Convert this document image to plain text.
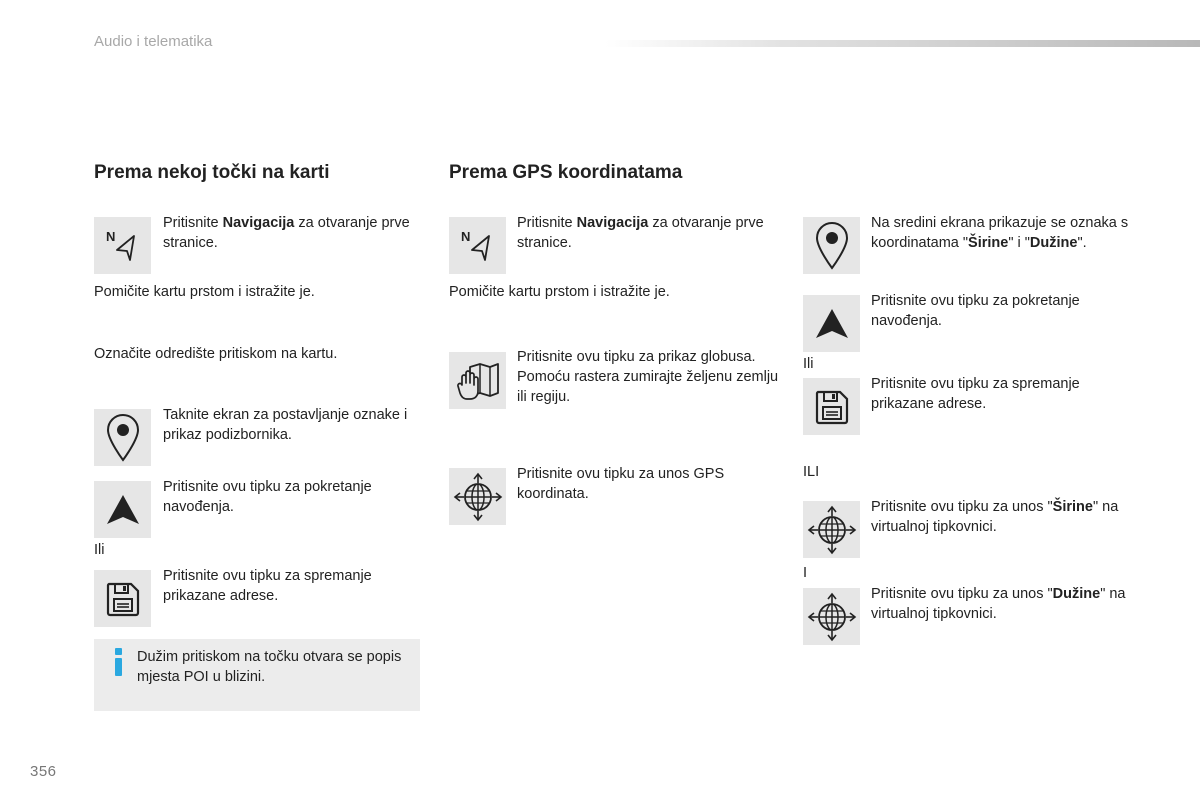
Audio i telematika
Prema nekoj točki na karti
N
Pritisnite Navigacija za otvaranje prve stranice.
Pomičite kartu prstom i istražite je.
Označite odredište pritiskom na kartu.
Taknite ekran za postavljanje oznake i prikaz podizbornika.
Pritisnite ovu tipku za pokretanje navođenja.
Ili
Pritisnite ovu tipku za spremanje prikazane adrese.
Dužim pritiskom na točku otvara se popis mjesta POI u blizini.
Prema GPS koordinatama
N
Pritisnite Navigacija za otvaranje prve stranice.
Pomičite kartu prstom i istražite je.
Pritisnite ovu tipku za prikaz globusa. Pomoću rastera zumirajte željenu zemlju ili regiju.
Pritisnite ovu tipku za unos GPS koordinata.
Na sredini ekrana prikazuje se oznaka s koordinatama "Širine" i "Dužine".
Pritisnite ovu tipku za pokretanje navođenja.
Ili
Pritisnite ovu tipku za spremanje prikazane adrese.
ILI
Pritisnite ovu tipku za unos "Širine" na virtualnoj tipkovnici.
I
Pritisnite ovu tipku za unos "Dužine" na virtualnoj tipkovnici.
356
